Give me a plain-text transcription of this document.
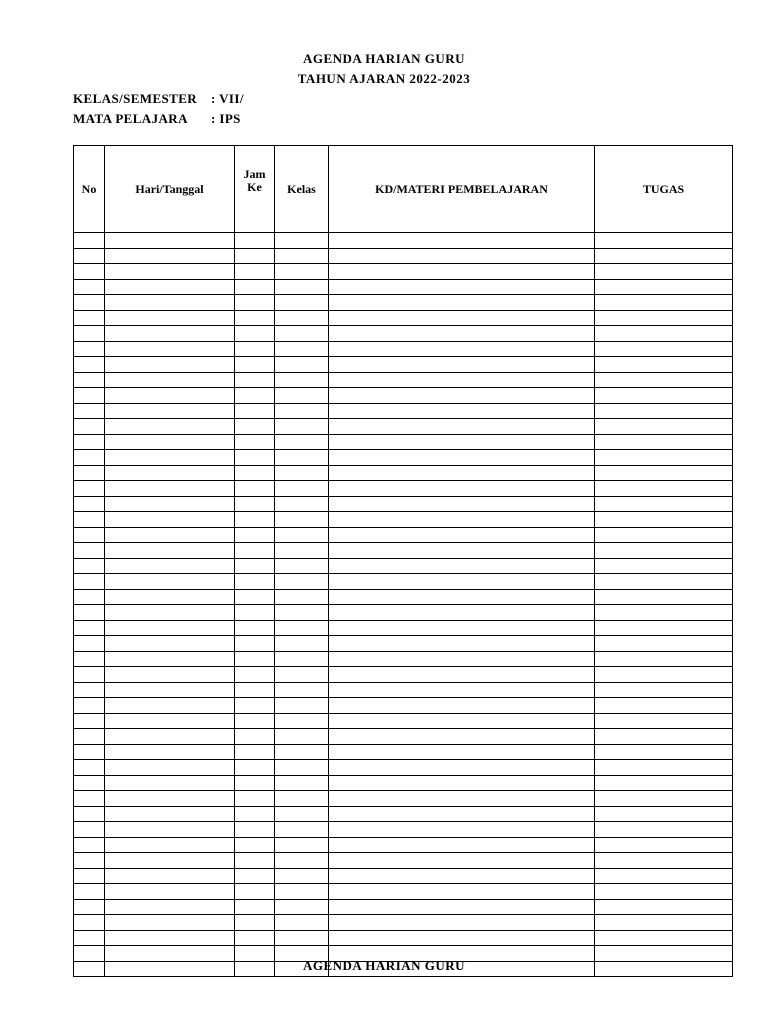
AGENDA HARIAN GURU
TAHUN AJARAN 2022-2023
KELAS/SEMESTER : VII/
MATA PELAJARA : IPS
No	Hari/Tanggal	Jam Ke	Kelas	KD/MATERI PEMBELAJARAN	TUGAS

AGENDA HARIAN GURU
